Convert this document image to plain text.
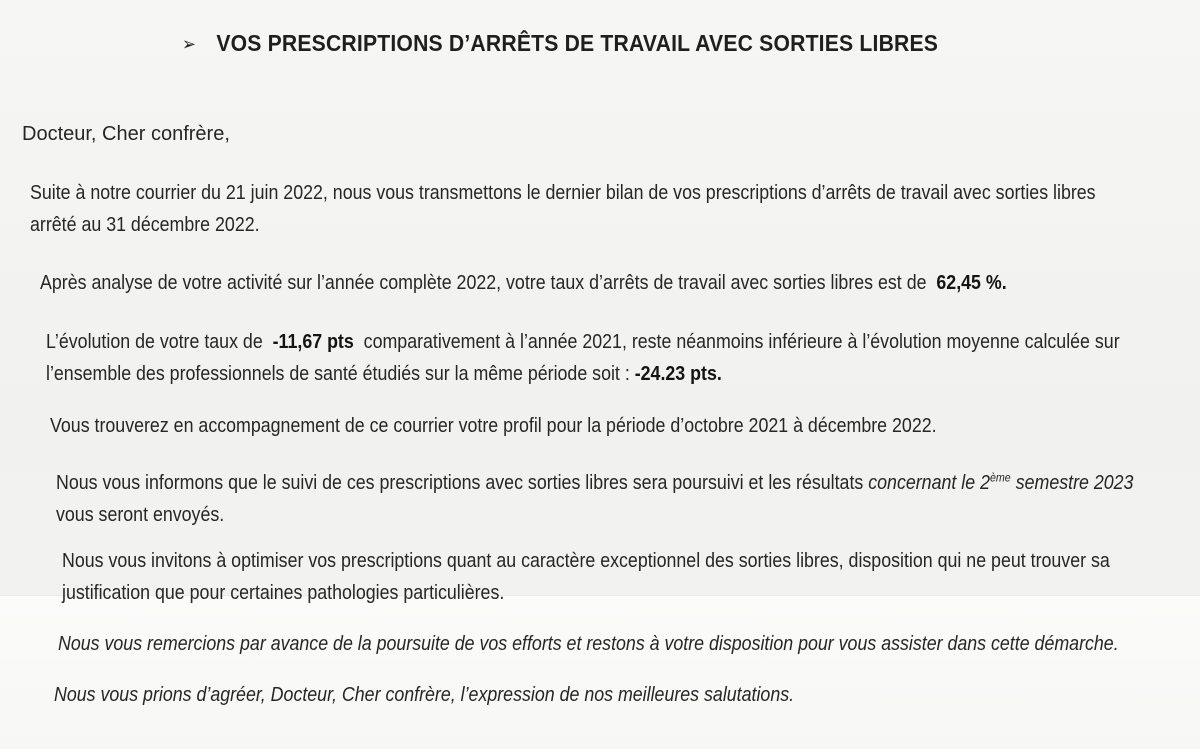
➢ VOS PRESCRIPTIONS D’ARRÊTS DE TRAVAIL AVEC SORTIES LIBRES
Docteur, Cher confrère,
Suite à notre courrier du 21 juin 2022, nous vous transmettons le dernier bilan de vos prescriptions d’arrêts de travail avec sorties libres
arrêté au 31 décembre 2022.
Après analyse de votre activité sur l’année complète 2022, votre taux d’arrêts de travail avec sorties libres est de 62,45 %.
L’évolution de votre taux de -11,67 pts comparativement à l’année 2021, reste néanmoins inférieure à l’évolution moyenne calculée sur
l’ensemble des professionnels de santé étudiés sur la même période soit : -24.23 pts.
Vous trouverez en accompagnement de ce courrier votre profil pour la période d’octobre 2021 à décembre 2022.
Nous vous informons que le suivi de ces prescriptions avec sorties libres sera poursuivi et les résultats concernant le 2ème semestre 2023
vous seront envoyés.
Nous vous invitons à optimiser vos prescriptions quant au caractère exceptionnel des sorties libres, disposition qui ne peut trouver sa
justification que pour certaines pathologies particulières.
Nous vous remercions par avance de la poursuite de vos efforts et restons à votre disposition pour vous assister dans cette démarche.
Nous vous prions d’agréer, Docteur, Cher confrère, l’expression de nos meilleures salutations.
